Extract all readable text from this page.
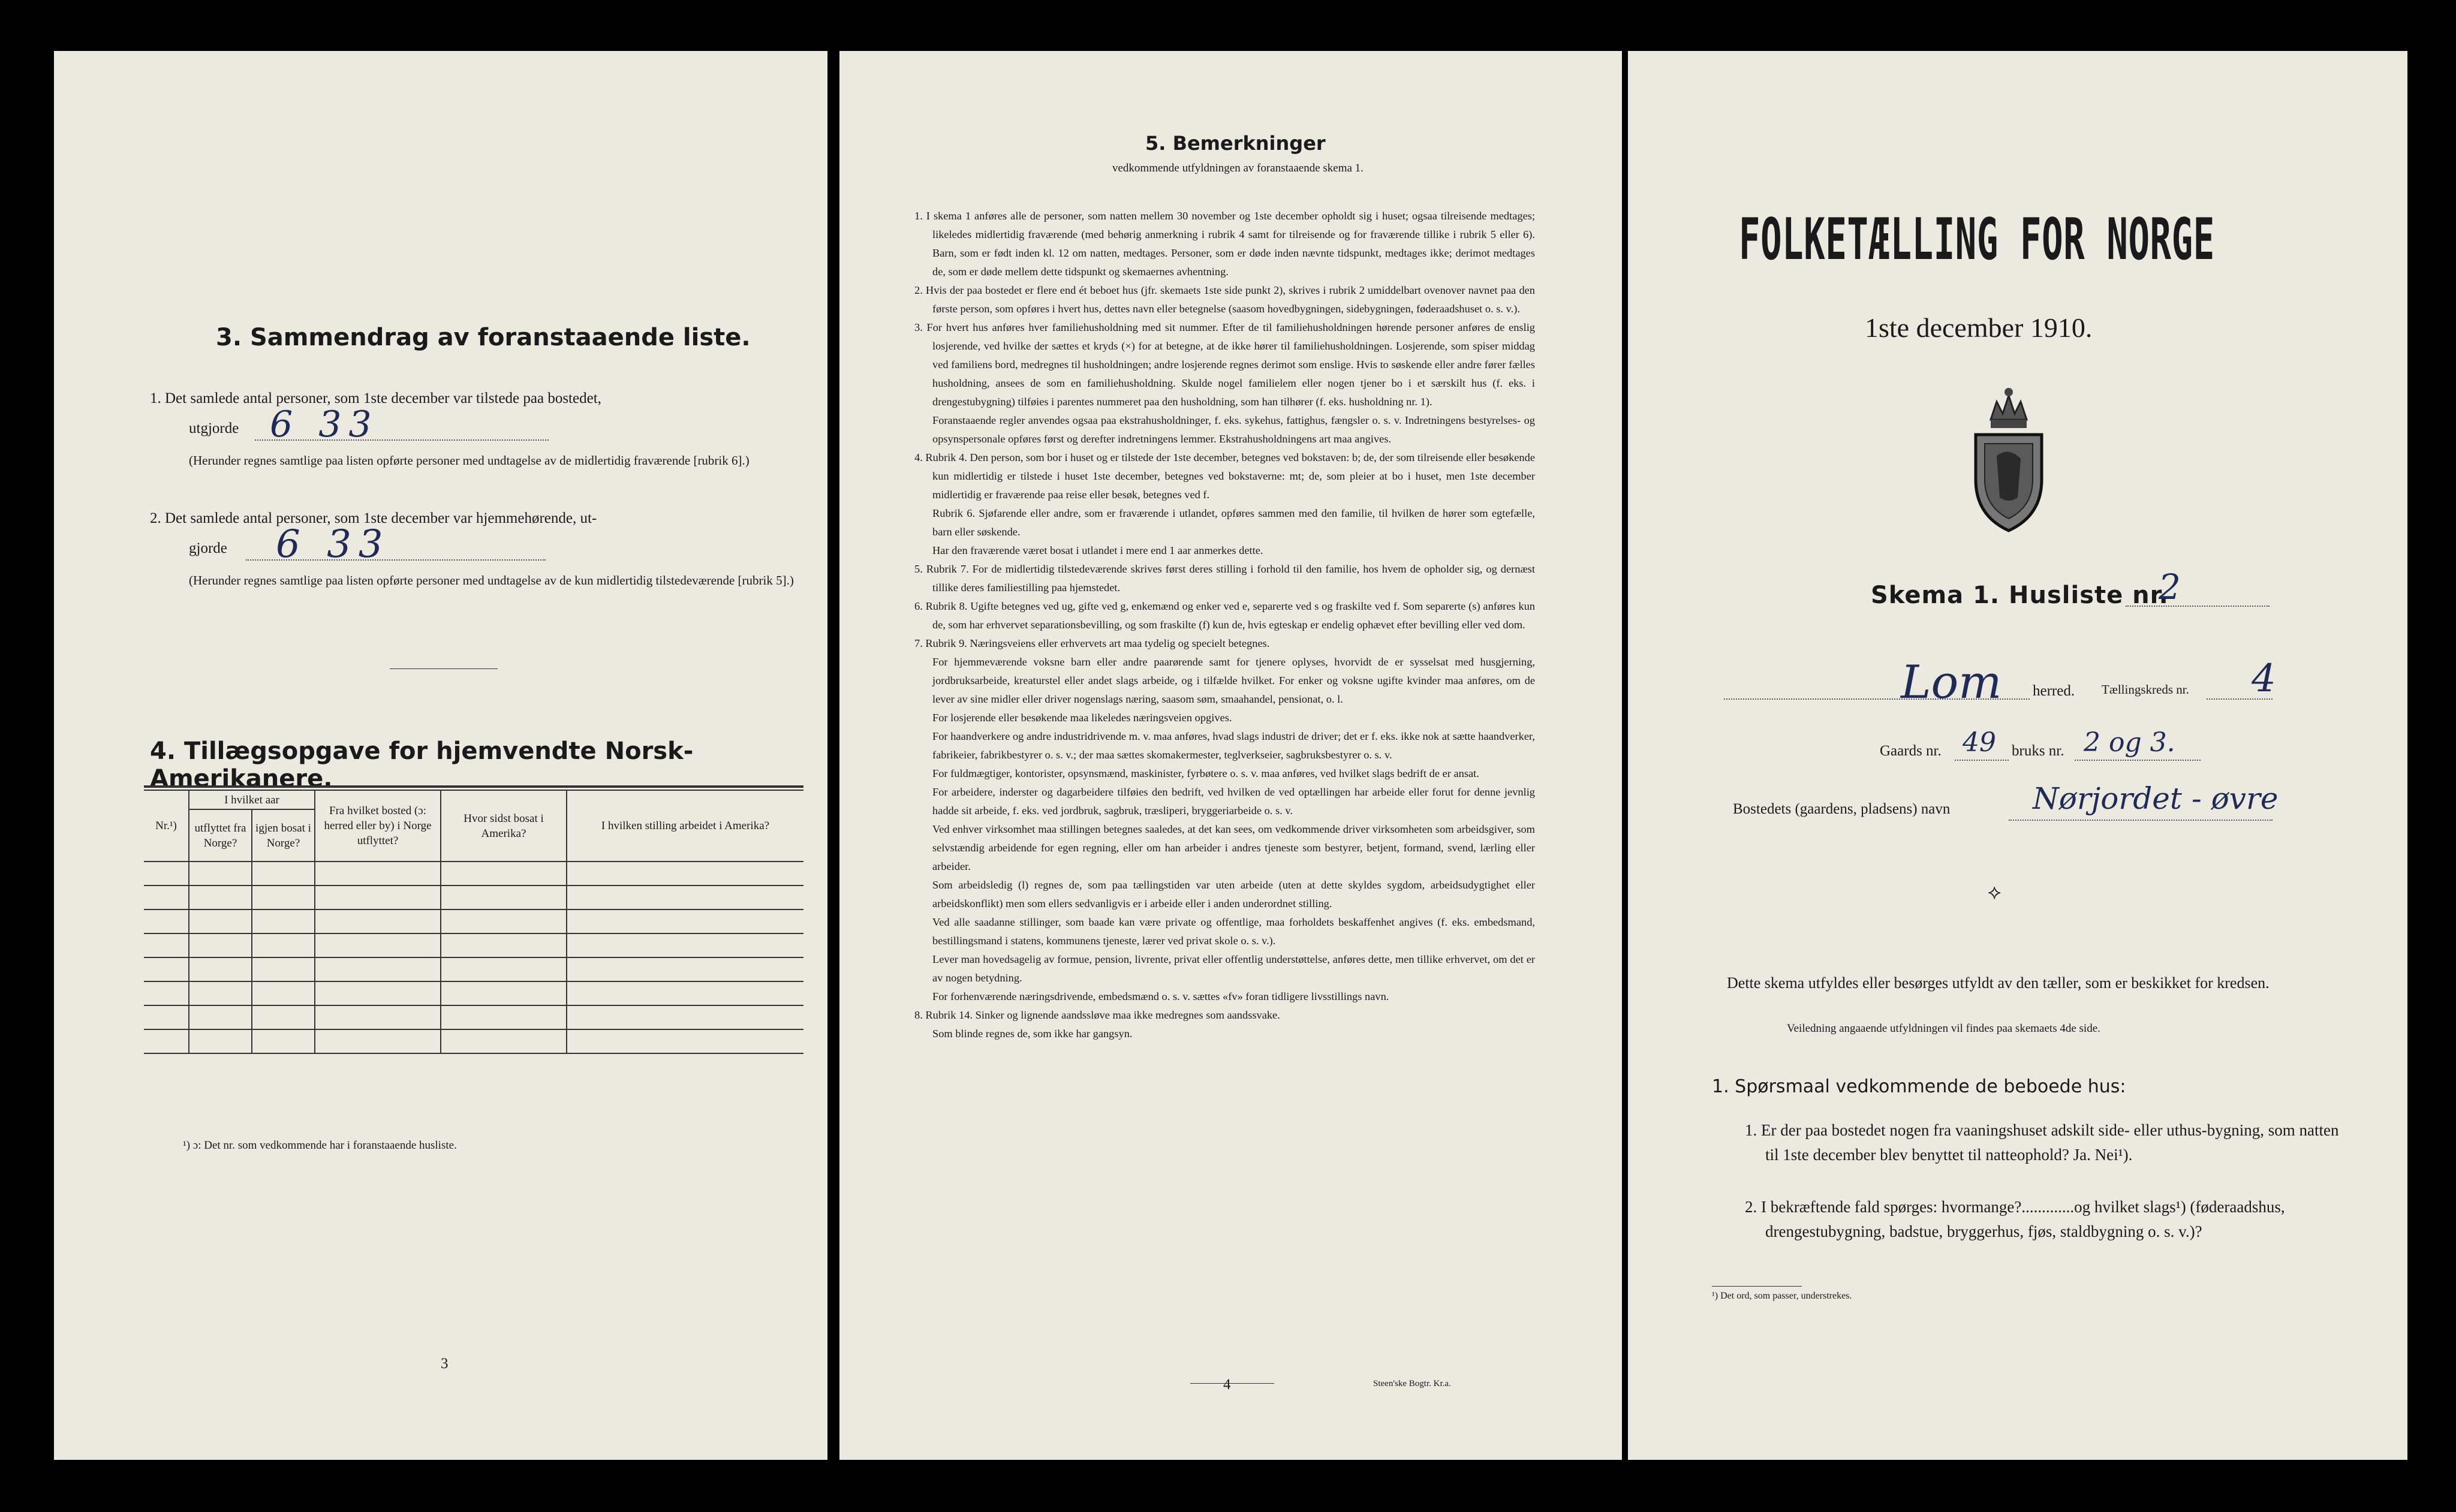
3. Sammendrag av foranstaaende liste.
1. Det samlede antal personer, som 1ste december var tilstede paa bostedet,
utgjorde 6 33
(Herunder regnes samtlige paa listen opførte personer med undtagelse av de midlertidig fraværende [rubrik 6].)
2. Det samlede antal personer, som 1ste december var hjemmehørende, ut-
gjorde 6 33
(Herunder regnes samtlige paa listen opførte personer med undtagelse av de kun midlertidig tilstedeværende [rubrik 5].)
4. Tillægsopgave for hjemvendte Norsk-Amerikanere.
Nr.¹)	I hvilket aar		Fra hvilket bosted (ɔ: herred eller by) i Norge utflyttet?	Hvor sidst bosat i Amerika?	I hvilken stilling arbeidet i Amerika?
	utflyttet fra Norge?	igjen bosat i Norge?			

¹) ɔ: Det nr. som vedkommende har i foranstaaende husliste.
3
5. Bemerkninger
vedkommende utfyldningen av foranstaaende skema 1.

1. I skema 1 anføres alle de personer, som natten mellem 30 november og 1ste december opholdt sig i huset; ogsaa tilreisende medtages; likeledes midlertidig fraværende (med behørig anmerkning i rubrik 4 samt for tilreisende og for fraværende tillike i rubrik 5 eller 6). Barn, som er født inden kl. 12 om natten, medtages. Personer, som er døde inden nævnte tidspunkt, medtages ikke; derimot medtages de, som er døde mellem dette tidspunkt og skemaernes avhentning.

2. Hvis der paa bostedet er flere end ét beboet hus (jfr. skemaets 1ste side punkt 2), skrives i rubrik 2 umiddelbart ovenover navnet paa den første person, som opføres i hvert hus, dettes navn eller betegnelse (saasom hovedbygningen, sidebygningen, føderaadshuset o. s. v.).

3. For hvert hus anføres hver familiehusholdning med sit nummer. Efter de til familiehusholdningen hørende personer anføres de enslig losjerende, ved hvilke der sættes et kryds (×) for at betegne, at de ikke hører til familiehusholdningen. Losjerende, som spiser middag ved familiens bord, medregnes til husholdningen; andre losjerende regnes derimot som enslige. Hvis to søskende eller andre fører fælles husholdning, ansees de som en familiehusholdning. Skulde nogel familielem eller nogen tjener bo i et særskilt hus (f. eks. i drengestubygning) tilføies i parentes nummeret paa den husholdning, som han tilhører (f. eks. husholdning nr. 1).

Foranstaaende regler anvendes ogsaa paa ekstrahusholdninger, f. eks. sykehus, fattighus, fængsler o. s. v. Indretningens bestyrelses- og opsynspersonale opføres først og derefter indretningens lemmer. Ekstrahusholdningens art maa angives.

4. Rubrik 4. Den person, som bor i huset og er tilstede der 1ste december, betegnes ved bokstaven: b; de, der som tilreisende eller besøkende kun midlertidig er tilstede i huset 1ste december, betegnes ved bokstaverne: mt; de, som pleier at bo i huset, men 1ste december midlertidig er fraværende paa reise eller besøk, betegnes ved f.

Rubrik 6. Sjøfarende eller andre, som er fraværende i utlandet, opføres sammen med den familie, til hvilken de hører som egtefælle, barn eller søskende.

Har den fraværende været bosat i utlandet i mere end 1 aar anmerkes dette.

5. Rubrik 7. For de midlertidig tilstedeværende skrives først deres stilling i forhold til den familie, hos hvem de opholder sig, og dernæst tillike deres familiestilling paa hjemstedet.

6. Rubrik 8. Ugifte betegnes ved ug, gifte ved g, enkemænd og enker ved e, separerte ved s og fraskilte ved f. Som separerte (s) anføres kun de, som har erhvervet separationsbevilling, og som fraskilte (f) kun de, hvis egteskap er endelig ophævet efter bevilling eller ved dom.

7. Rubrik 9. Næringsveiens eller erhvervets art maa tydelig og specielt betegnes.

For hjemmeværende voksne barn eller andre paarørende samt for tjenere oplyses, hvorvidt de er sysselsat med husgjerning, jordbruksarbeide, kreaturstel eller andet slags arbeide, og i tilfælde hvilket. For enker og voksne ugifte kvinder maa anføres, om de lever av sine midler eller driver nogenslags næring, saasom søm, smaahandel, pensionat, o. l.

For losjerende eller besøkende maa likeledes næringsveien opgives.

For haandverkere og andre industridrivende m. v. maa anføres, hvad slags industri de driver; det er f. eks. ikke nok at sætte haandverker, fabrikeier, fabrikbestyrer o. s. v.; der maa sættes skomakermester, teglverkseier, sagbruksbestyrer o. s. v.

For fuldmægtiger, kontorister, opsynsmænd, maskinister, fyrbøtere o. s. v. maa anføres, ved hvilket slags bedrift de er ansat.

For arbeidere, inderster og dagarbeidere tilføies den bedrift, ved hvilken de ved optællingen har arbeide eller forut for denne jevnlig hadde sit arbeide, f. eks. ved jordbruk, sagbruk, træsliperi, bryggeriarbeide o. s. v.

Ved enhver virksomhet maa stillingen betegnes saaledes, at det kan sees, om vedkommende driver virksomheten som arbeidsgiver, som selvstændig arbeidende for egen regning, eller om han arbeider i andres tjeneste som bestyrer, betjent, formand, svend, lærling eller arbeider.

Som arbeidsledig (l) regnes de, som paa tællingstiden var uten arbeide (uten at dette skyldes sygdom, arbeidsudygtighet eller arbeidskonflikt) men som ellers sedvanligvis er i arbeide eller i anden underordnet stilling.

Ved alle saadanne stillinger, som baade kan være private og offentlige, maa forholdets beskaffenhet angives (f. eks. embedsmand, bestillingsmand i statens, kommunens tjeneste, lærer ved privat skole o. s. v.).

Lever man hovedsagelig av formue, pension, livrente, privat eller offentlig understøttelse, anføres dette, men tillike erhvervet, om det er av nogen betydning.

For forhenværende næringsdrivende, embedsmænd o. s. v. sættes «fv» foran tidligere livsstillings navn.

8. Rubrik 14. Sinker og lignende aandssløve maa ikke medregnes som aandssvake.

Som blinde regnes de, som ikke har gangsyn.

4	Steen'ske Bogtr. Kr.a.
FOLKETÆLLING FOR NORGE
1ste december 1910.
Skema 1. Husliste nr.
2
Lom herred. Tællingskreds nr. 4
Gaards nr. 49 bruks nr. 2 og 3.
Bostedets (gaardens, pladsens) navn	Nørjordet - øvre
⟡
Dette skema utfyldes eller besørges utfyldt av den tæller, som er beskikket for kredsen.
Veiledning angaaende utfyldningen vil findes paa skemaets 4de side.
1. Spørsmaal vedkommende de beboede hus:
1. Er der paa bostedet nogen fra vaaningshuset adskilt side- eller uthus-bygning, som natten til 1ste december blev benyttet til natteophold? Ja. Nei¹).
2. I bekræftende fald spørges: hvormange?.............og hvilket slags¹) (føderaadshus, drengestubygning, badstue, bryggerhus, fjøs, staldbygning o. s. v.)?
¹) Det ord, som passer, understrekes.
